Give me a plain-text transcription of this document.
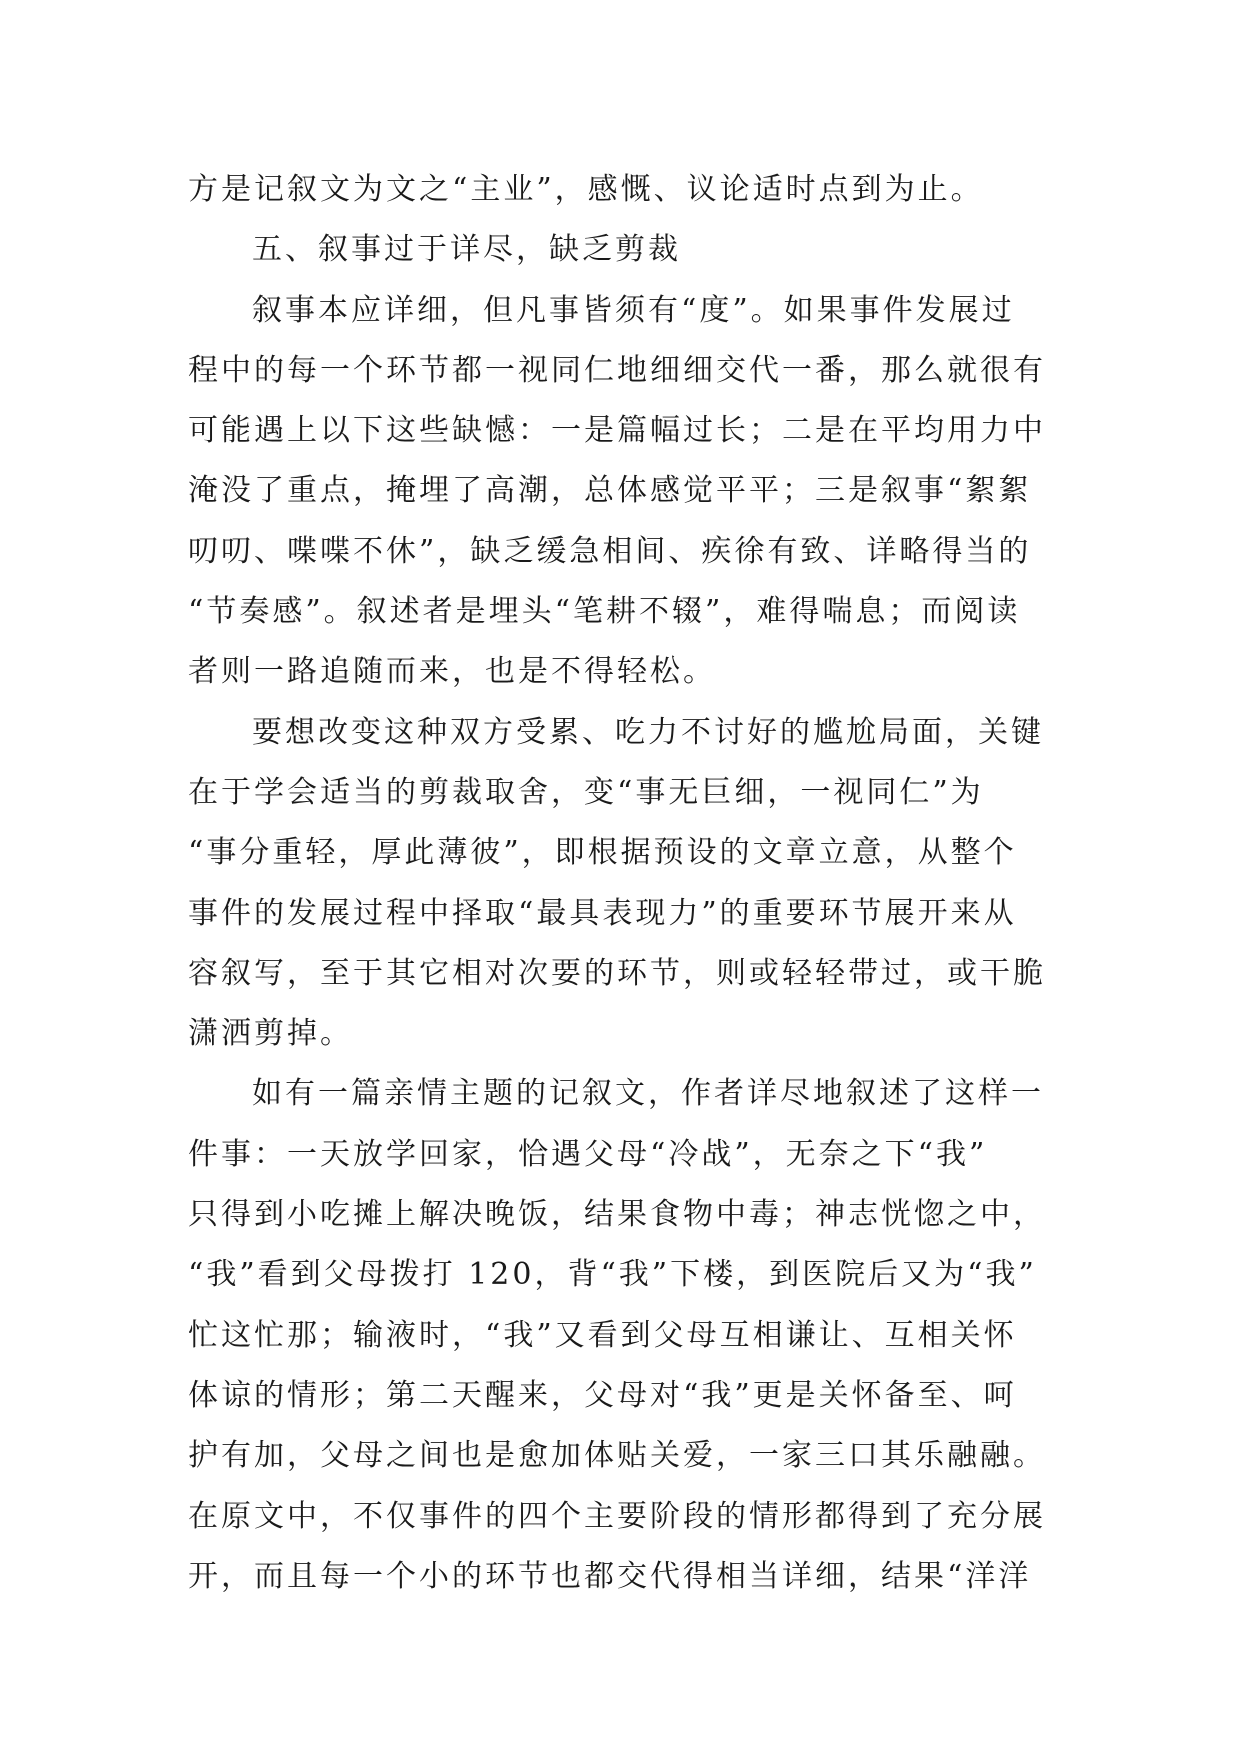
方是记叙文为文之“主业”，感慨、议论适时点到为止。
五、叙事过于详尽，缺乏剪裁
叙事本应详细，但凡事皆须有“度”。如果事件发展过
程中的每一个环节都一视同仁地细细交代一番，那么就很有
可能遇上以下这些缺憾：一是篇幅过长；二是在平均用力中
淹没了重点，掩埋了高潮，总体感觉平平；三是叙事“絮絮
叨叨、喋喋不休”，缺乏缓急相间、疾徐有致、详略得当的
“节奏感”。叙述者是埋头“笔耕不辍”，难得喘息；而阅读
者则一路追随而来，也是不得轻松。
要想改变这种双方受累、吃力不讨好的尴尬局面，关键
在于学会适当的剪裁取舍，变“事无巨细，一视同仁”为
“事分重轻，厚此薄彼”，即根据预设的文章立意，从整个
事件的发展过程中择取“最具表现力”的重要环节展开来从
容叙写，至于其它相对次要的环节，则或轻轻带过，或干脆
潇洒剪掉。
如有一篇亲情主题的记叙文，作者详尽地叙述了这样一
件事：一天放学回家，恰遇父母“冷战”，无奈之下“我”
只得到小吃摊上解决晚饭，结果食物中毒；神志恍惚之中，
“我”看到父母拨打 120，背“我”下楼，到医院后又为“我”
忙这忙那；输液时，“我”又看到父母互相谦让、互相关怀
体谅的情形；第二天醒来，父母对“我”更是关怀备至、呵
护有加，父母之间也是愈加体贴关爱，一家三口其乐融融。
在原文中，不仅事件的四个主要阶段的情形都得到了充分展
开，而且每一个小的环节也都交代得相当详细，结果“洋洋
